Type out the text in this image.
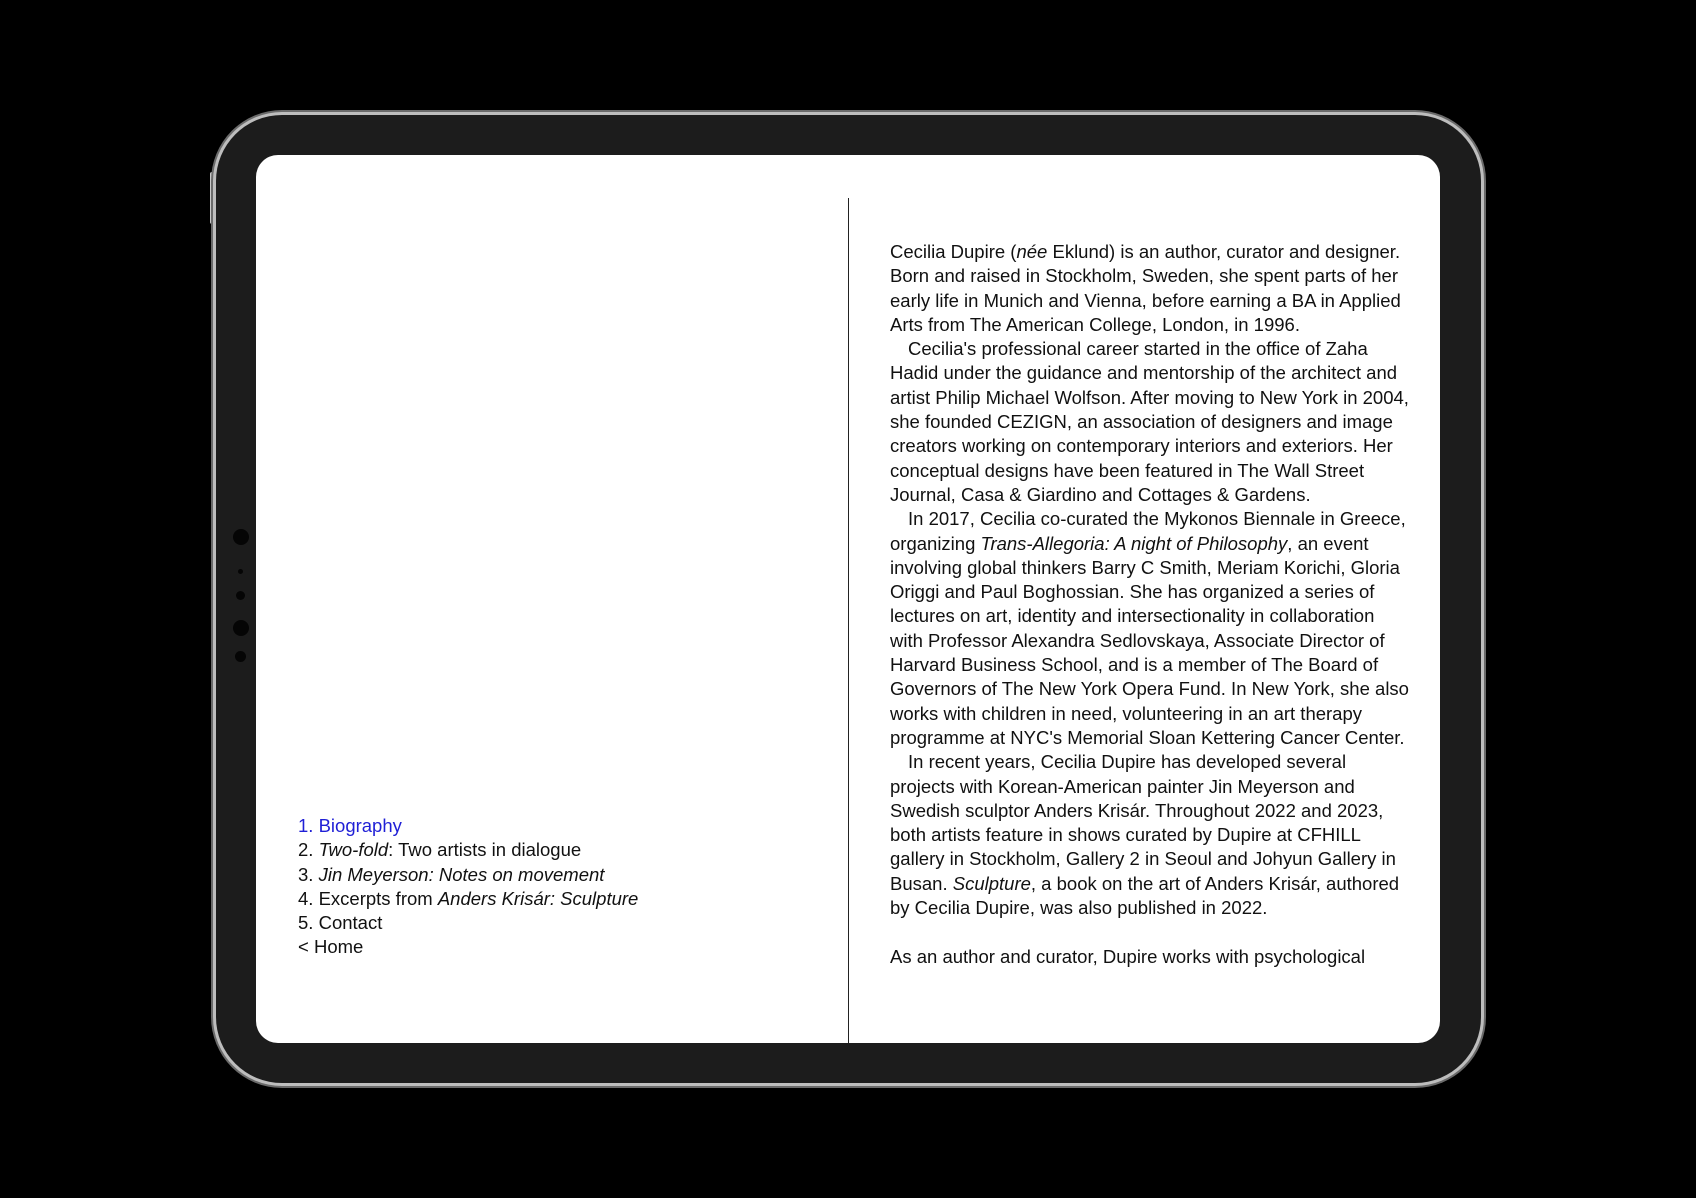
1. Biography
2. Two-fold: Two artists in dialogue
3. Jin Meyerson: Notes on movement
4. Excerpts from Anders Krisár: Sculpture
5. Contact
< Home

Cecilia Dupire (née Eklund) is an author, curator and designer. Born and raised in Stockholm, Sweden, she spent parts of her early life in Munich and Vienna, before earning a BA in Applied Arts from The American College, London, in 1996.

Cecilia's professional career started in the office of Zaha Hadid under the guidance and mentorship of the architect and artist Philip Michael Wolfson. After moving to New York in 2004, she founded CEZIGN, an association of designers and image creators working on contemporary interiors and exteriors. Her conceptual designs have been featured in The Wall Street Journal, Casa & Giardino and Cottages & Gardens.

In 2017, Cecilia co-curated the Mykonos Biennale in Greece, organizing Trans-Allegoria: A night of Philosophy, an event involving global thinkers Barry C Smith, Meriam Korichi, Gloria Origgi and Paul Boghossian. She has organized a series of lectures on art, identity and intersectionality in collaboration with Professor Alexandra Sedlovskaya, Associate Director of Harvard Business School, and is a member of The Board of Governors of The New York Opera Fund. In New York, she also works with children in need, volunteering in an art therapy programme at NYC's Memorial Sloan Kettering Cancer Center.

In recent years, Cecilia Dupire has developed several projects with Korean-American painter Jin Meyerson and Swedish sculptor Anders Krisár. Throughout 2022 and 2023, both artists feature in shows curated by Dupire at CFHILL gallery in Stockholm, Gallery 2 in Seoul and Johyun Gallery in Busan. Sculpture, a book on the art of Anders Krisár, authored by Cecilia Dupire, was also published in 2022.

As an author and curator, Dupire works with psychological
